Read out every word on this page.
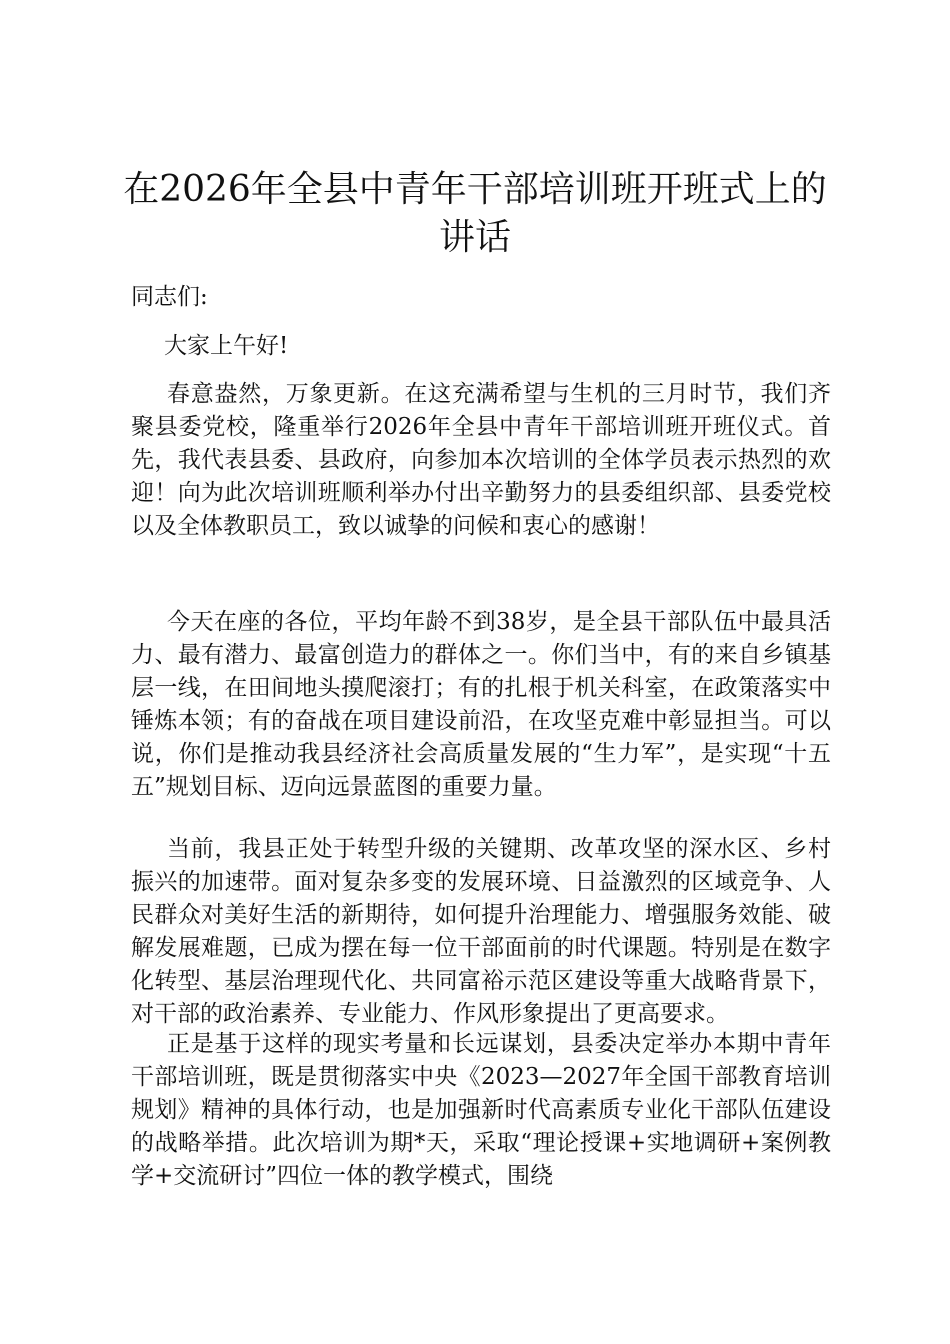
在2026年全县中青年干部培训班开班式上的讲话

同志们:

大家上午好!

春意盎然，万象更新。在这充满希望与生机的三月时节，我们齐聚县委党校，隆重举行2026年全县中青年干部培训班开班仪式。首先，我代表县委、县政府，向参加本次培训的全体学员表示热烈的欢迎！向为此次培训班顺利举办付出辛勤努力的县委组织部、县委党校以及全体教职员工，致以诚挚的问候和衷心的感谢！

今天在座的各位，平均年龄不到38岁，是全县干部队伍中最具活力、最有潜力、最富创造力的群体之一。你们当中，有的来自乡镇基层一线，在田间地头摸爬滚打；有的扎根于机关科室，在政策落实中锤炼本领；有的奋战在项目建设前沿，在攻坚克难中彰显担当。可以说，你们是推动我县经济社会高质量发展的“生力军”，是实现“十五五”规划目标、迈向远景蓝图的重要力量。

当前，我县正处于转型升级的关键期、改革攻坚的深水区、乡村振兴的加速带。面对复杂多变的发展环境、日益激烈的区域竞争、人民群众对美好生活的新期待，如何提升治理能力、增强服务效能、破解发展难题，已成为摆在每一位干部面前的时代课题。特别是在数字化转型、基层治理现代化、共同富裕示范区建设等重大战略背景下，对干部的政治素养、专业能力、作风形象提出了更高要求。

正是基于这样的现实考量和长远谋划，县委决定举办本期中青年干部培训班，既是贯彻落实中央《2023—2027年全国干部教育培训规划》精神的具体行动，也是加强新时代高素质专业化干部队伍建设的战略举措。此次培训为期*天，采取“理论授课+实地调研+案例教学+交流研讨”四位一体的教学模式，围绕
